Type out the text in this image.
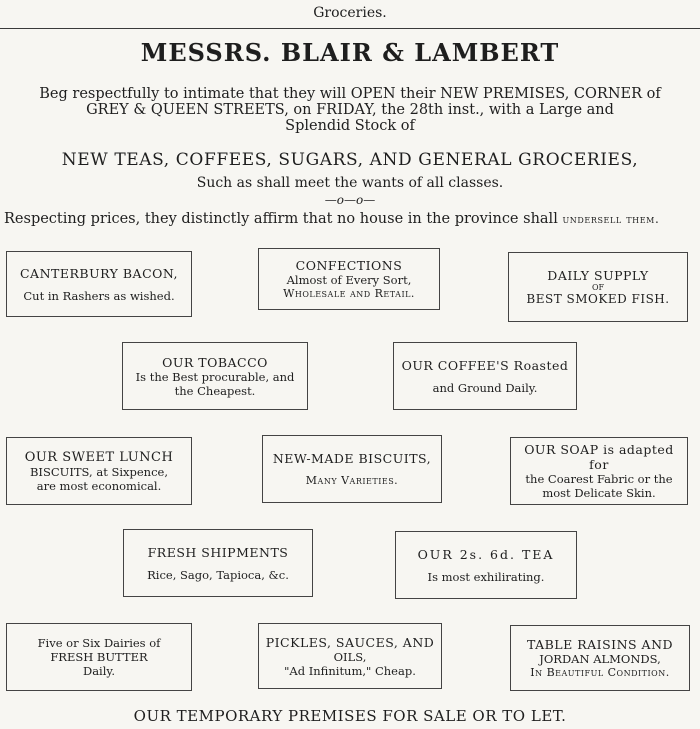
Groceries.
MESSRS. BLAIR & LAMBERT
Beg respectfully to intimate that they will OPEN their NEW PREMISES, CORNER of
GREY & QUEEN STREETS, on FRIDAY, the 28th inst., with a Large and
Splendid Stock of
NEW TEAS, COFFEES, SUGARS, AND GENERAL GROCERIES,
Such as shall meet the wants of all classes.
—o—o—
Respecting prices, they distinctly affirm that no house in the province shall undersell them.
CANTERBURY BACON,
Cut in Rashers as wished.
CONFECTIONS
Almost of Every Sort,
Wholesale and Retail.
DAILY SUPPLY
OF
BEST SMOKED FISH.
OUR TOBACCO
Is the Best procurable, and
the Cheapest.
OUR COFFEE'S Roasted
and Ground Daily.
OUR SWEET LUNCH
BISCUITS, at Sixpence,
are most economical.
NEW-MADE BISCUITS,
Many Varieties.
OUR SOAP is adapted for
the Coarest Fabric or the
most Delicate Skin.
FRESH SHIPMENTS
Rice, Sago, Tapioca, &c.
OUR 2s. 6d. TEA
Is most exhilirating.
Five or Six Dairies of
FRESH BUTTER
Daily.
PICKLES, SAUCES, AND
OILS,
"Ad Infinitum," Cheap.
TABLE RAISINS AND
JORDAN ALMONDS,
In Beautiful Condition.
OUR TEMPORARY PREMISES FOR SALE OR TO LET.
